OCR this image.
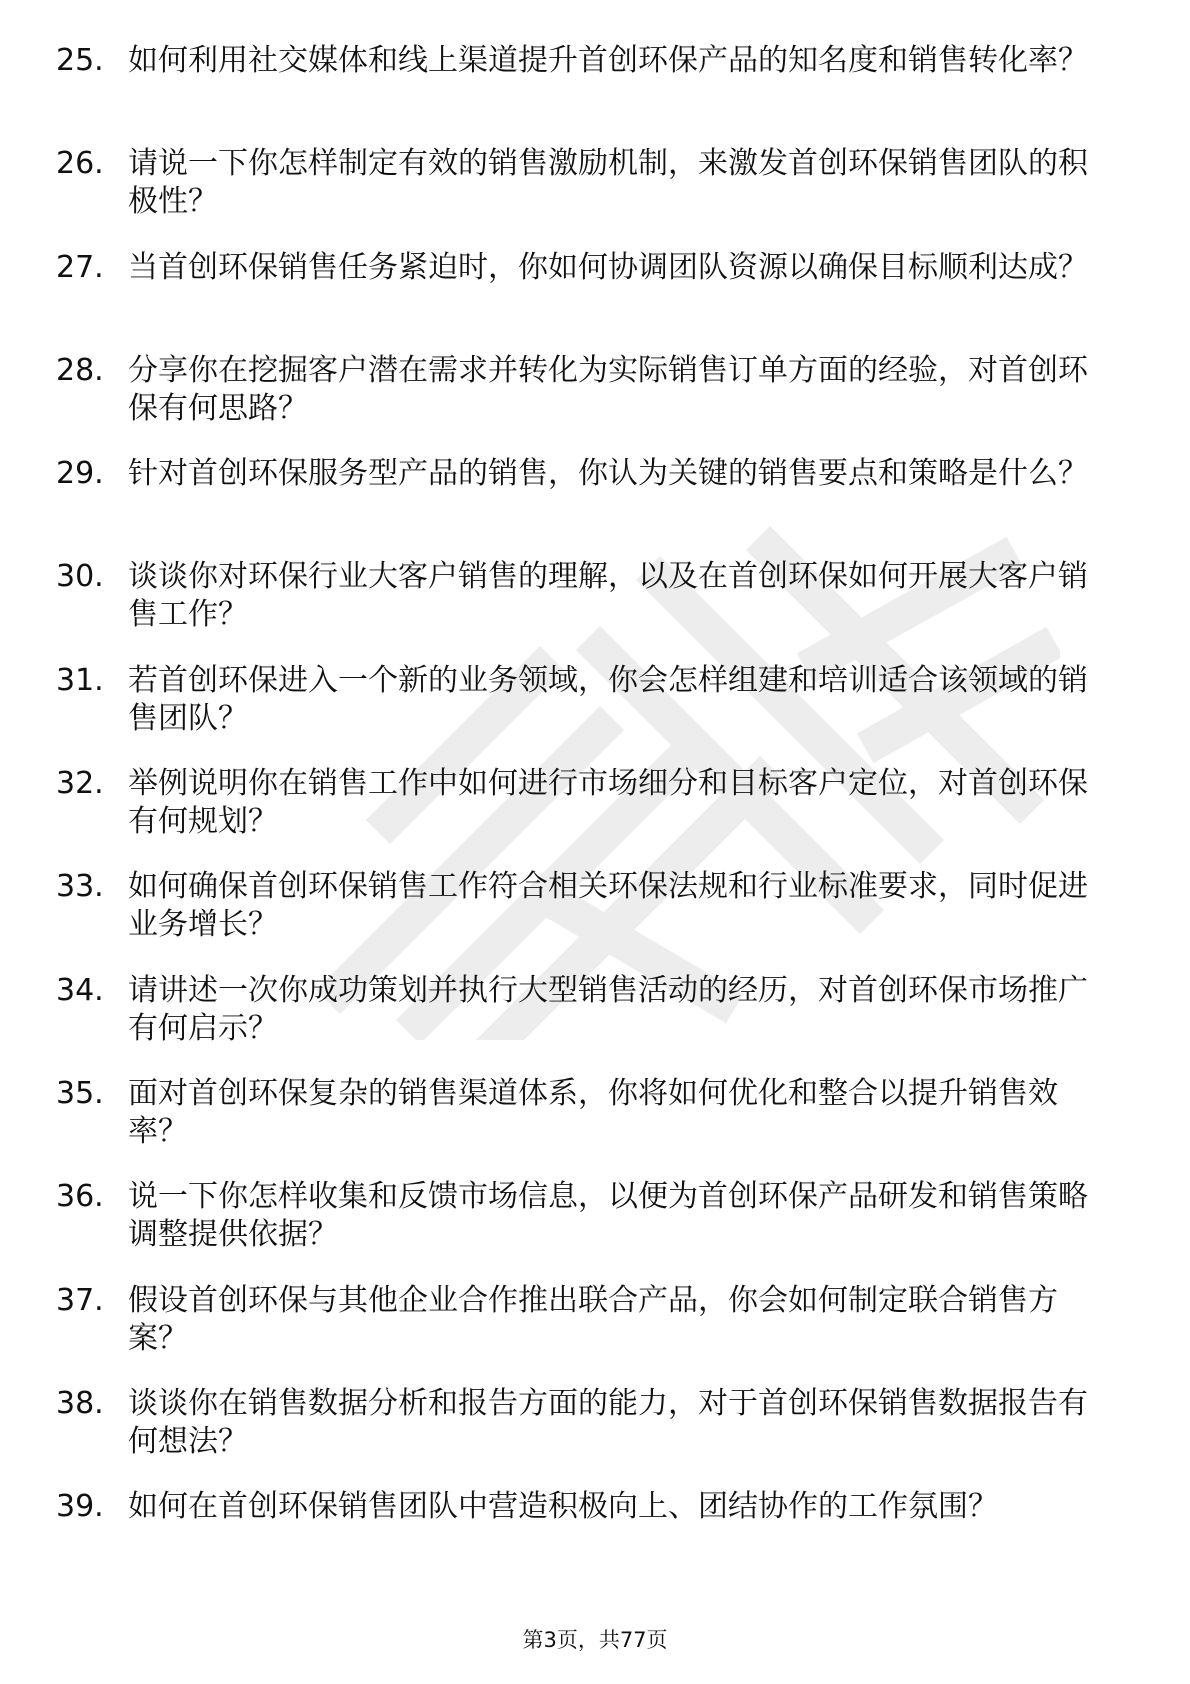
25. 如何利用社交媒体和线上渠道提升首创环保产品的知名度和销售转化率？
26. 请说一下你怎样制定有效的销售激励机制，来激发首创环保销售团队的积极性？
27. 当首创环保销售任务紧迫时，你如何协调团队资源以确保目标顺利达成？
28. 分享你在挖掘客户潜在需求并转化为实际销售订单方面的经验，对首创环保有何思路？
29. 针对首创环保服务型产品的销售，你认为关键的销售要点和策略是什么？
30. 谈谈你对环保行业大客户销售的理解，以及在首创环保如何开展大客户销售工作？
31. 若首创环保进入一个新的业务领域，你会怎样组建和培训适合该领域的销售团队？
32. 举例说明你在销售工作中如何进行市场细分和目标客户定位，对首创环保有何规划？
33. 如何确保首创环保销售工作符合相关环保法规和行业标准要求，同时促进业务增长？
34. 请讲述一次你成功策划并执行大型销售活动的经历，对首创环保市场推广有何启示？
35. 面对首创环保复杂的销售渠道体系，你将如何优化和整合以提升销售效率？
36. 说一下你怎样收集和反馈市场信息，以便为首创环保产品研发和销售策略调整提供依据？
37. 假设首创环保与其他企业合作推出联合产品，你会如何制定联合销售方案？
38. 谈谈你在销售数据分析和报告方面的能力，对于首创环保销售数据报告有何想法？
39. 如何在首创环保销售团队中营造积极向上、团结协作的工作氛围？
第3页，共77页
